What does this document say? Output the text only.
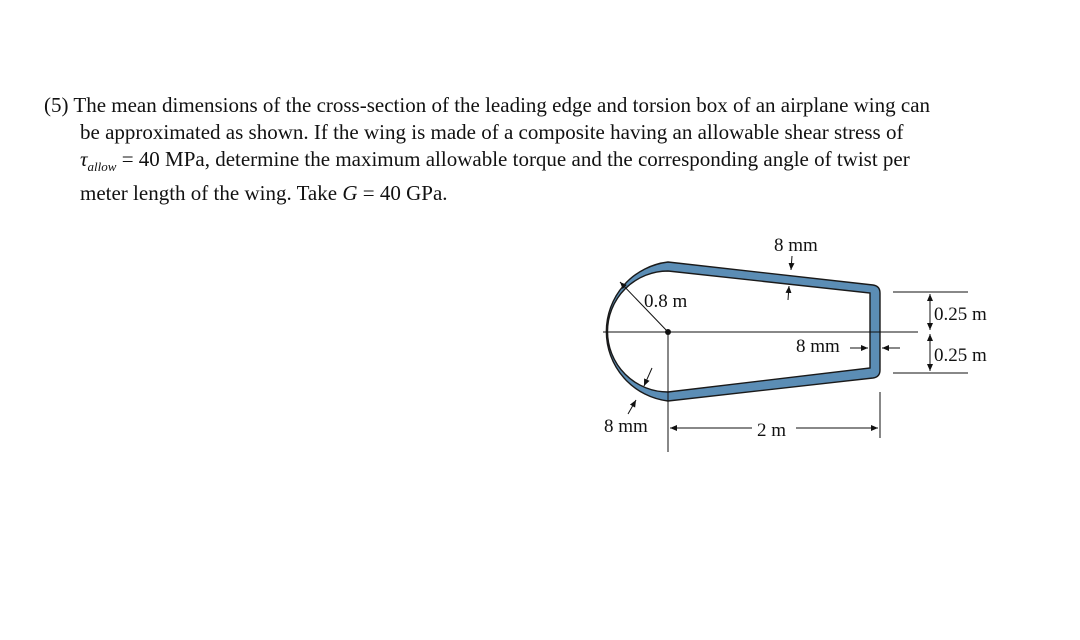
(5) The mean dimensions of the cross-section of the leading edge and torsion box of an airplane wing can
be approximated as shown. If the wing is made of a composite having an allowable shear stress of
$\tau_{allow} = 40$ MPa, determine the maximum allowable torque and the corresponding angle of twist per
meter length of the wing. Take G = 40 GPa.

0.8 m
8 mm
8 mm
8 mm	2 m
0.25 m
0.25 m
